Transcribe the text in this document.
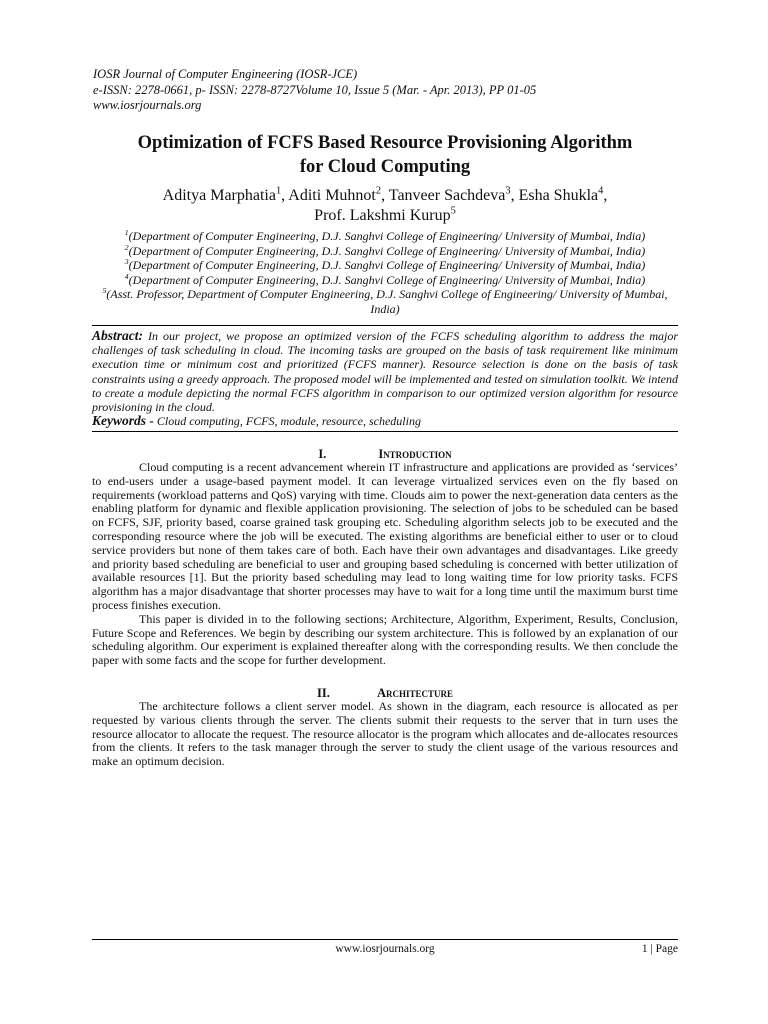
IOSR Journal of Computer Engineering (IOSR-JCE)
e-ISSN: 2278-0661, p- ISSN: 2278-8727Volume 10, Issue 5 (Mar. - Apr. 2013), PP 01-05
www.iosrjournals.org
Optimization of FCFS Based Resource Provisioning Algorithm
for Cloud Computing
Aditya Marphatia$^1$, Aditi Muhnot$^2$, Tanveer Sachdeva$^3$, Esha Shukla$^4$,
Prof. Lakshmi Kurup$^5$
$^1$(Department of Computer Engineering, D.J. Sanghvi College of Engineering/ University of Mumbai, India)
$^2$(Department of Computer Engineering, D.J. Sanghvi College of Engineering/ University of Mumbai, India)
$^3$(Department of Computer Engineering, D.J. Sanghvi College of Engineering/ University of Mumbai, India)
$^4$(Department of Computer Engineering, D.J. Sanghvi College of Engineering/ University of Mumbai, India)
$^5$(Asst. Professor, Department of Computer Engineering, D.J. Sanghvi College of Engineering/ University of Mumbai, India)
Abstract: In our project, we propose an optimized version of the FCFS scheduling algorithm to address the major challenges of task scheduling in cloud. The incoming tasks are grouped on the basis of task requirement like minimum execution time or minimum cost and prioritized (FCFS manner). Resource selection is done on the basis of task constraints using a greedy approach. The proposed model will be implemented and tested on simulation toolkit. We intend to create a module depicting the normal FCFS algorithm in comparison to our optimized version algorithm for resource provisioning in the cloud.
Keywords - Cloud computing, FCFS, module, resource, scheduling
I.	Introduction

Cloud computing is a recent advancement wherein IT infrastructure and applications are provided as ‘services’ to end-users under a usage-based payment model. It can leverage virtualized services even on the fly based on requirements (workload patterns and QoS) varying with time. Clouds aim to power the next-generation data centers as the enabling platform for dynamic and flexible application provisioning. The selection of jobs to be scheduled can be based on FCFS, SJF, priority based, coarse grained task grouping etc. Scheduling algorithm selects job to be executed and the corresponding resource where the job will be executed. The existing algorithms are beneficial either to user or to cloud service providers but none of them takes care of both. Each have their own advantages and disadvantages. Like greedy and priority based scheduling are beneficial to user and grouping based scheduling is concerned with better utilization of available resources [1]. But the priority based scheduling may lead to long waiting time for low priority tasks. FCFS algorithm has a major disadvantage that shorter processes may have to wait for a long time until the maximum burst time process finishes execution.

This paper is divided in to the following sections; Architecture, Algorithm, Experiment, Results, Conclusion, Future Scope and References. We begin by describing our system architecture. This is followed by an explanation of our scheduling algorithm. Our experiment is explained thereafter along with the corresponding results. We then conclude the paper with some facts and the scope for further development.

II.	Architecture

The architecture follows a client server model. As shown in the diagram, each resource is allocated as per requested by various clients through the server. The clients submit their requests to the server that in turn uses the resource allocator to allocate the request. The resource allocator is the program which allocates and de-allocates resources from the clients. It refers to the task manager through the server to study the client usage of the various resources and make an optimum decision.

www.iosrjournals.org	1 | Page
